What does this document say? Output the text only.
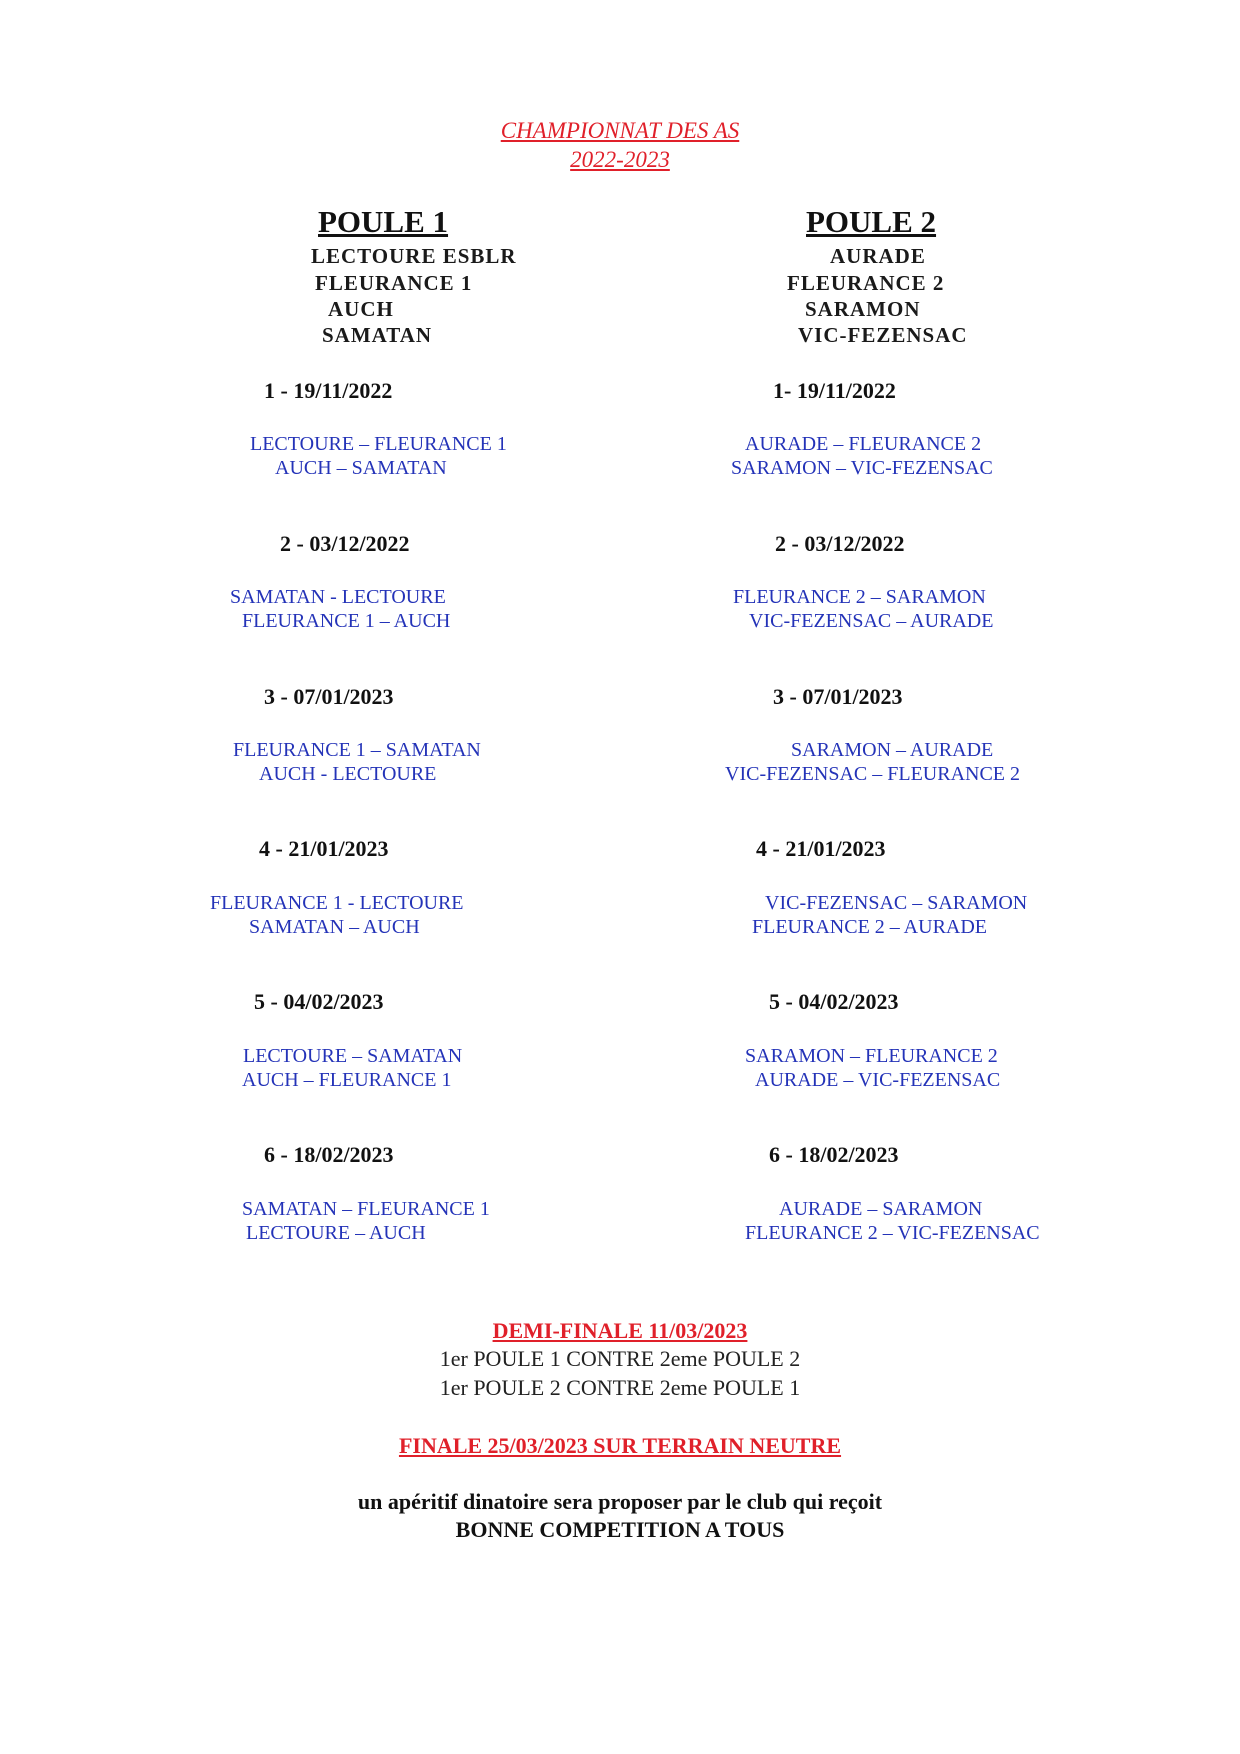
CHAMPIONNAT DES AS
2022-2023
POULE 1	POULE 2
LECTOURE ESBLR
FLEURANCE 1
AUCH
SAMATAN
AURADE
FLEURANCE 2
SARAMON
VIC-FEZENSAC
1 - 19/11/2022
LECTOURE – FLEURANCE 1
AUCH – SAMATAN
2 - 03/12/2022
SAMATAN - LECTOURE
FLEURANCE 1 – AUCH
3 - 07/01/2023
FLEURANCE 1 – SAMATAN
AUCH - LECTOURE
4 - 21/01/2023
FLEURANCE 1 - LECTOURE
SAMATAN – AUCH
5 - 04/02/2023
LECTOURE – SAMATAN
AUCH – FLEURANCE 1
6 - 18/02/2023
SAMATAN – FLEURANCE 1
LECTOURE – AUCH
1- 19/11/2022
AURADE – FLEURANCE 2
SARAMON – VIC-FEZENSAC
2 - 03/12/2022
FLEURANCE 2 – SARAMON
VIC-FEZENSAC – AURADE
3 - 07/01/2023
SARAMON – AURADE
VIC-FEZENSAC – FLEURANCE 2
4 - 21/01/2023
VIC-FEZENSAC – SARAMON
FLEURANCE 2 – AURADE
5 - 04/02/2023
SARAMON – FLEURANCE 2
AURADE – VIC-FEZENSAC
6 - 18/02/2023
AURADE – SARAMON
FLEURANCE 2 – VIC-FEZENSAC
DEMI-FINALE 11/03/2023
1er POULE 1 CONTRE 2eme POULE 2
1er POULE 2 CONTRE 2eme POULE 1
FINALE 25/03/2023 SUR TERRAIN NEUTRE
un apéritif dinatoire sera proposer par le club qui reçoit
BONNE COMPETITION A TOUS
